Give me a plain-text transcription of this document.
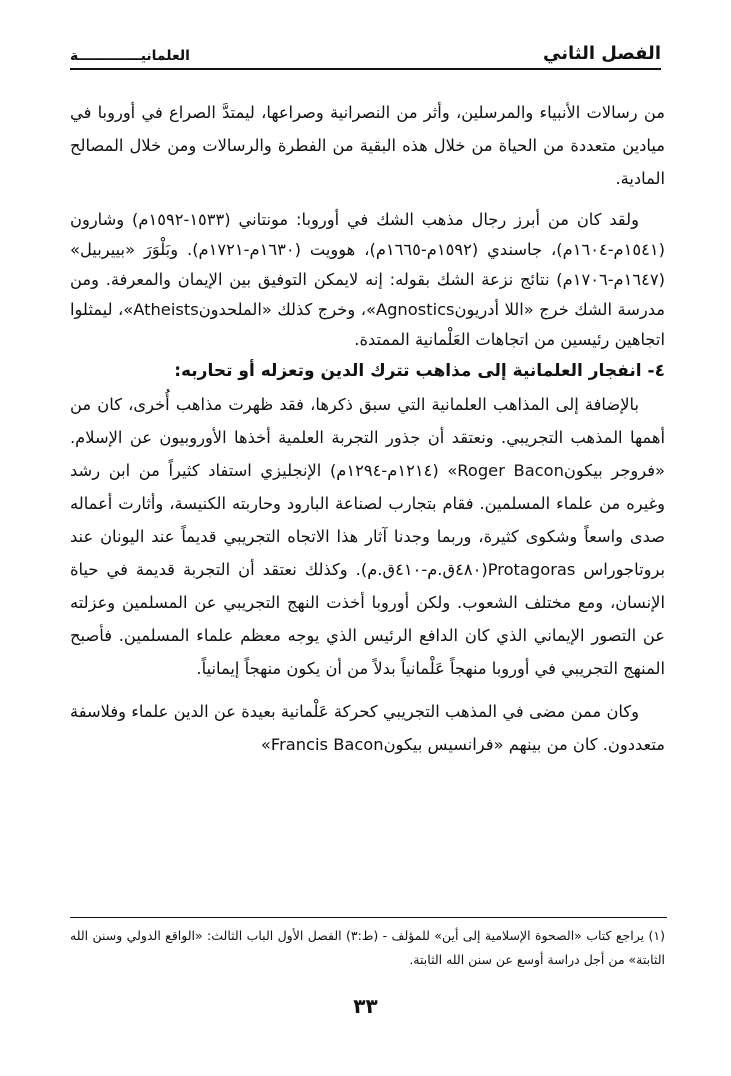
الفصل الثاني
العلمانيـــــــــــــة

من رسالات الأنبياء والمرسلين، وأثر من النصرانية وصراعها، ليمتدَّ الصراع في أوروبا في ميادين متعددة من الحياة من خلال هذه البقية من الفطرة والرسالات ومن خلال المصالح المادية.

ولقد كان من أبرز رجال مذهب الشك في أوروبا: مونتاني (١٥٣٣-١٥٩٢م) وشارون (١٥٤١م-١٦٠٤م)، جاسندي (١٥٩٢م-١٦٦٥م)، هوويت (١٦٣٠م-١٧٢١م). وبَلْوَرَ «بييربيل» (١٦٤٧م-١٧٠٦م) نتائج نزعة الشك بقوله: إنه لايمكن التوفيق بين الإيمان والمعرفة. ومن مدرسة الشك خرج «اللا أدريونAgnostics»، وخرج كذلك «الملحدونAtheists»، ليمثلوا اتجاهين رئيسين من اتجاهات العَلْمانية الممتدة.

٤- انفجار العلمانية إلى مذاهب تترك الدين وتعزله أو تحاربه:

بالإضافة إلى المذاهب العلمانية التي سبق ذكرها، فقد ظهرت مذاهب أُخرى، كان من أهمها المذهب التجريبي. ونعتقد أن جذور التجربة العلمية أخذها الأوروبيون عن الإسلام. «فروجر بيكونRoger Bacon» (١٢١٤م-١٢٩٤م) الإنجليزي استفاد كثيراً من ابن رشد وغيره من علماء المسلمين. فقام بتجارب لصناعة البارود وحاربته الكنيسة، وأثارت أعماله صدى واسعاً وشكوى كثيرة، وربما وجدنا آثار هذا الاتجاه التجريبي قديماً عند اليونان عند بروتاجوراس Protagoras(٤٨٠ق.م-٤١٠ق.م). وكذلك نعتقد أن التجربة قديمة في حياة الإنسان، ومع مختلف الشعوب. ولكن أوروبا أخذت النهج التجريبي عن المسلمين وعزلته عن التصور الإيماني الذي كان الدافع الرئيس الذي يوجه معظم علماء المسلمين. فأصبح المنهج التجريبي في أوروبا منهجاً عَلْمانياً بدلاً من أن يكون منهجاً إيمانياً.

وكان ممن مضى في المذهب التجريبي كحركة عَلْمانية بعيدة عن الدين علماء وفلاسفة متعددون. كان من بينهم «فرانسيس بيكونFrancis Bacon»

(١) يراجع كتاب «الصحوة الإسلامية إلى أين» للمؤلف - (ط:٣) الفصل الأول الباب الثالث: «الواقع الدولي وسنن الله الثابتة» من أجل دراسة أوسع عن سنن الله الثابتة.

٣٣
